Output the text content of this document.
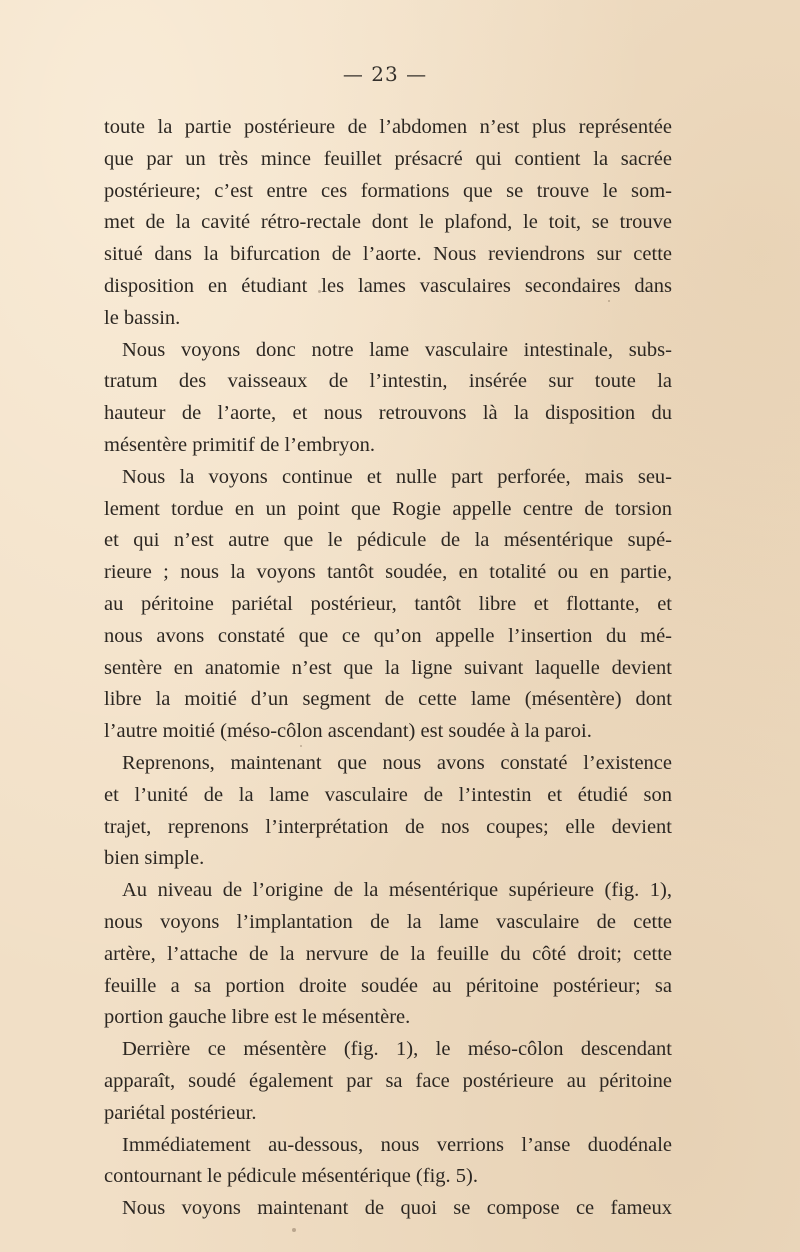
— 23 —
toute la partie postérieure de l’abdomen n’est plus représentée
que par un très mince feuillet présacré qui contient la sacrée
postérieure; c’est entre ces formations que se trouve le som-
met de la cavité rétro-rectale dont le plafond, le toit, se trouve
situé dans la bifurcation de l’aorte. Nous reviendrons sur cette
disposition en étudiant les lames vasculaires secondaires dans
le bassin.
Nous voyons donc notre lame vasculaire intestinale, subs-
tratum des vaisseaux de l’intestin, insérée sur toute la
hauteur de l’aorte, et nous retrouvons là la disposition du
mésentère primitif de l’embryon.
Nous la voyons continue et nulle part perforée, mais seu-
lement tordue en un point que Rogie appelle centre de torsion
et qui n’est autre que le pédicule de la mésentérique supé-
rieure ; nous la voyons tantôt soudée, en totalité ou en partie,
au péritoine pariétal postérieur, tantôt libre et flottante, et
nous avons constaté que ce qu’on appelle l’insertion du mé-
sentère en anatomie n’est que la ligne suivant laquelle devient
libre la moitié d’un segment de cette lame (mésentère) dont
l’autre moitié (méso-côlon ascendant) est soudée à la paroi.
Reprenons, maintenant que nous avons constaté l’existence
et l’unité de la lame vasculaire de l’intestin et étudié son
trajet, reprenons l’interprétation de nos coupes; elle devient
bien simple.
Au niveau de l’origine de la mésentérique supérieure (fig. 1),
nous voyons l’implantation de la lame vasculaire de cette
artère, l’attache de la nervure de la feuille du côté droit; cette
feuille a sa portion droite soudée au péritoine postérieur; sa
portion gauche libre est le mésentère.
Derrière ce mésentère (fig. 1), le méso-côlon descendant
apparaît, soudé également par sa face postérieure au péritoine
pariétal postérieur.
Immédiatement au-dessous, nous verrions l’anse duodénale
contournant le pédicule mésentérique (fig. 5).
Nous voyons maintenant de quoi se compose ce fameux
